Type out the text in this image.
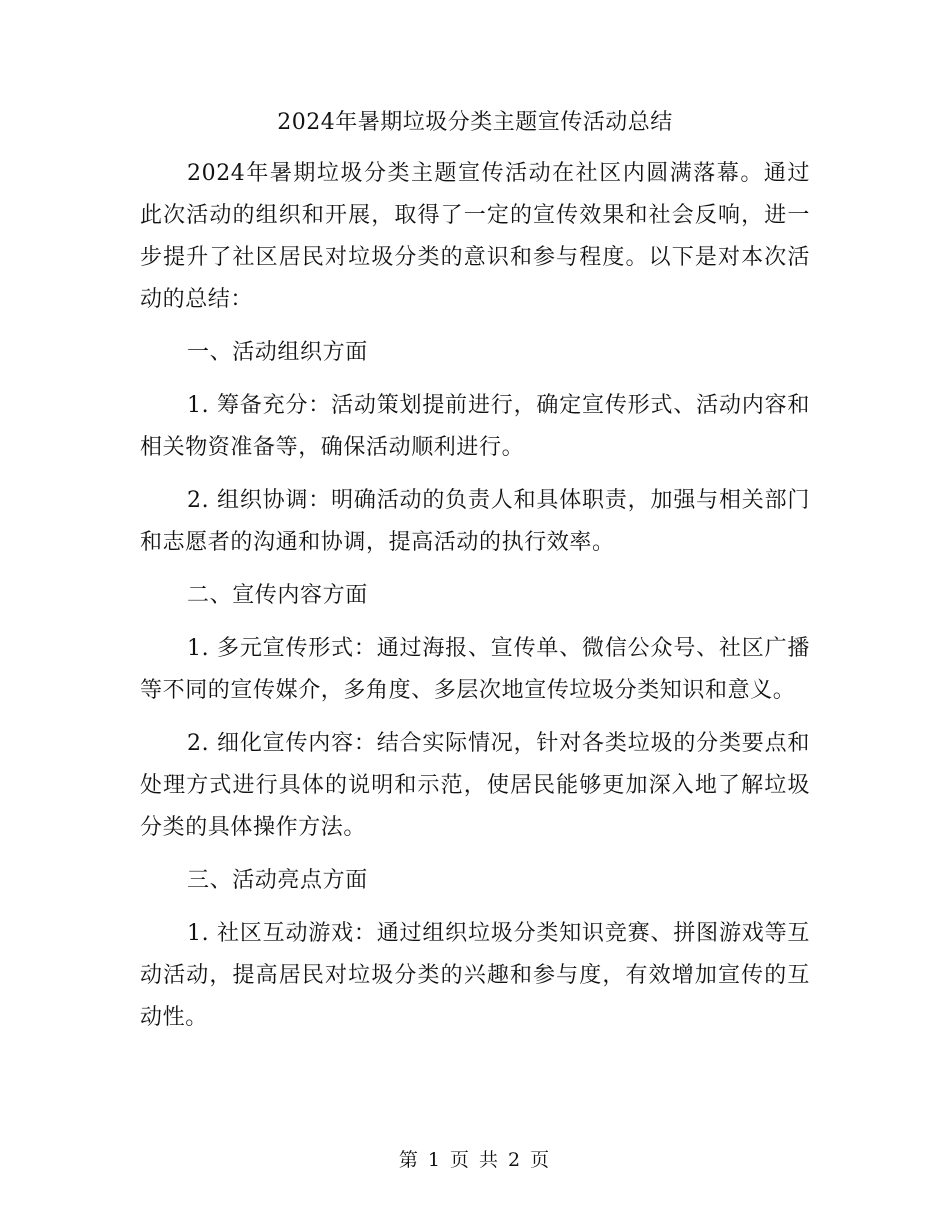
2024年暑期垃圾分类主题宣传活动总结

2024年暑期垃圾分类主题宣传活动在社区内圆满落幕。通过此次活动的组织和开展，取得了一定的宣传效果和社会反响，进一步提升了社区居民对垃圾分类的意识和参与程度。以下是对本次活动的总结：

一、活动组织方面

1. 筹备充分：活动策划提前进行，确定宣传形式、活动内容和相关物资准备等，确保活动顺利进行。

2. 组织协调：明确活动的负责人和具体职责，加强与相关部门和志愿者的沟通和协调，提高活动的执行效率。

二、宣传内容方面

1. 多元宣传形式：通过海报、宣传单、微信公众号、社区广播等不同的宣传媒介，多角度、多层次地宣传垃圾分类知识和意义。

2. 细化宣传内容：结合实际情况，针对各类垃圾的分类要点和处理方式进行具体的说明和示范，使居民能够更加深入地了解垃圾分类的具体操作方法。

三、活动亮点方面

1. 社区互动游戏：通过组织垃圾分类知识竞赛、拼图游戏等互动活动，提高居民对垃圾分类的兴趣和参与度，有效增加宣传的互动性。

第 1 页 共 2 页
